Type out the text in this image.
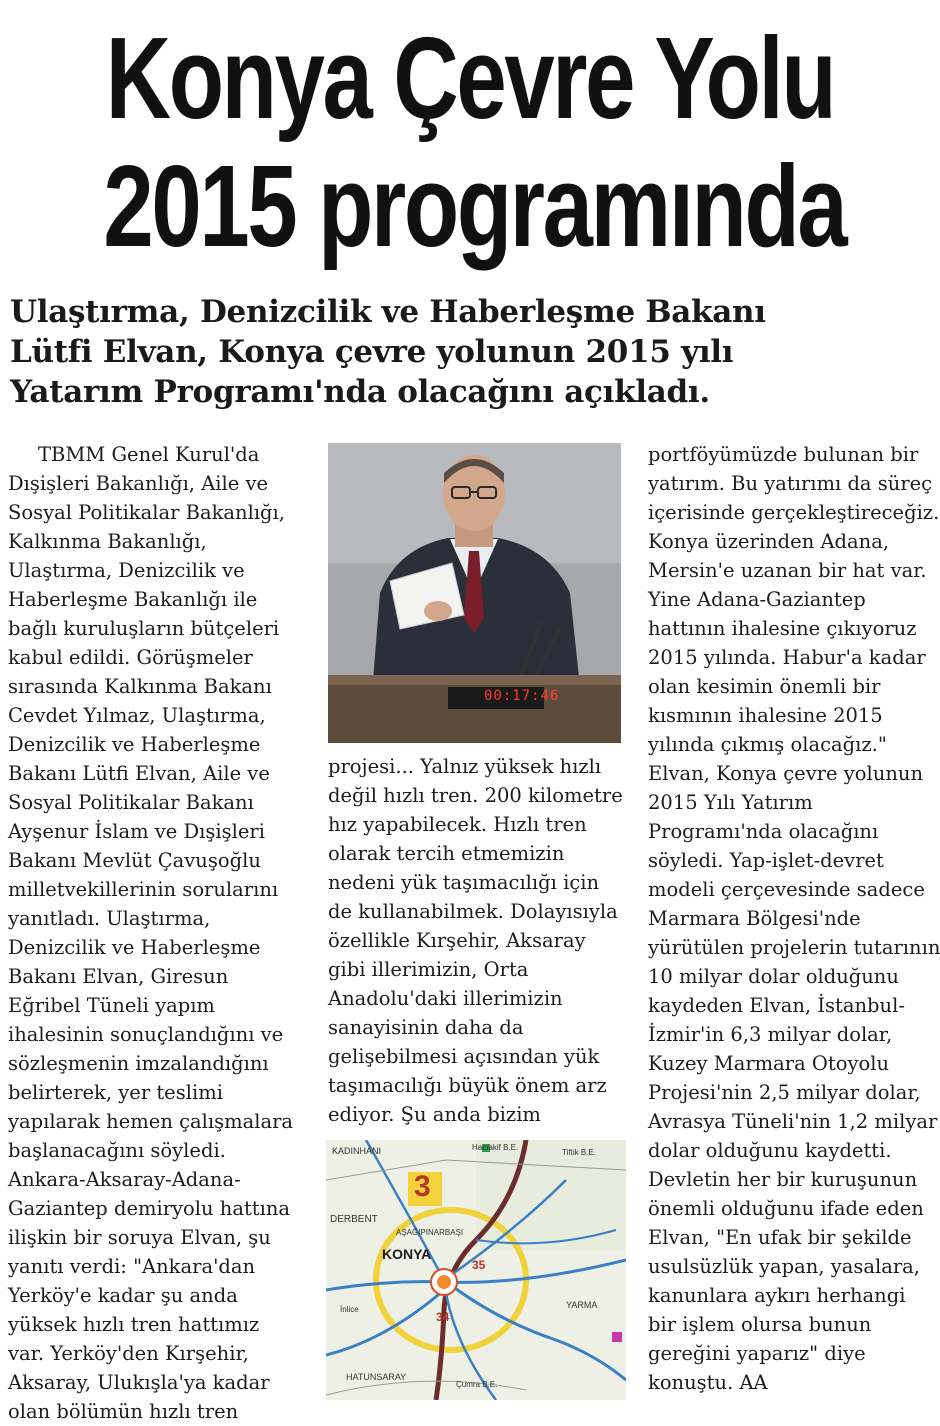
Konya Çevre Yolu
2015 programında

Ulaştırma, Denizcilik ve Haberleşme Bakanı
Lütfi Elvan, Konya çevre yolunun 2015 yılı
Yatarım Programı'nda olacağını açıkladı.

TBMM Genel Kurul'da
Dışişleri Bakanlığı, Aile ve
Sosyal Politikalar Bakanlığı,
Kalkınma Bakanlığı,
Ulaştırma, Denizcilik ve
Haberleşme Bakanlığı ile
bağlı kuruluşların bütçeleri
kabul edildi. Görüşmeler
sırasında Kalkınma Bakanı
Cevdet Yılmaz, Ulaştırma,
Denizcilik ve Haberleşme
Bakanı Lütfi Elvan, Aile ve
Sosyal Politikalar Bakanı
Ayşenur İslam ve Dışişleri
Bakanı Mevlüt Çavuşoğlu
milletvekillerinin sorularını
yanıtladı. Ulaştırma,
Denizcilik ve Haberleşme
Bakanı Elvan, Giresun
Eğribel Tüneli yapım
ihalesinin sonuçlandığını ve
sözleşmenin imzalandığını
belirterek, yer teslimi
yapılarak hemen çalışmalara
başlanacağını söyledi.
Ankara-Aksaray-Adana-
Gaziantep demiryolu hattına
ilişkin bir soruya Elvan, şu
yanıtı verdi: "Ankara'dan
Yerköy'e kadar şu anda
yüksek hızlı tren hattımız
var. Yerköy'den Kırşehir,
Aksaray, Ulukışla'ya kadar
olan bölümün hızlı tren
00:17:46
projesi... Yalnız yüksek hızlı
değil hızlı tren. 200 kilometre
hız yapabilecek. Hızlı tren
olarak tercih etmemizin
nedeni yük taşımacılığı için
de kullanabilmek. Dolayısıyla
özellikle Kırşehir, Aksaray
gibi illerimizin, Orta
Anadolu'daki illerimizin
sanayisinin daha da
gelişebilmesi açısından yük
taşımacılığı büyük önem arz
ediyor. Şu anda bizim
KADINHANI	Hacıakif B.E.
Tiftik B.E.
3
DERBENT
AŞAĞIPINARBAŞI
KONYA
35
34
İnlice	YARMA
HATUNSARAY
Çumra B.E.
portföyümüzde bulunan bir
yatırım. Bu yatırımı da süreç
içerisinde gerçekleştireceğiz.
Konya üzerinden Adana,
Mersin'e uzanan bir hat var.
Yine Adana-Gaziantep
hattının ihalesine çıkıyoruz
2015 yılında. Habur'a kadar
olan kesimin önemli bir
kısmının ihalesine 2015
yılında çıkmış olacağız."
Elvan, Konya çevre yolunun
2015 Yılı Yatırım
Programı'nda olacağını
söyledi. Yap-işlet-devret
modeli çerçevesinde sadece
Marmara Bölgesi'nde
yürütülen projelerin tutarının
10 milyar dolar olduğunu
kaydeden Elvan, İstanbul-
İzmir'in 6,3 milyar dolar,
Kuzey Marmara Otoyolu
Projesi'nin 2,5 milyar dolar,
Avrasya Tüneli'nin 1,2 milyar
dolar olduğunu kaydetti.
Devletin her bir kuruşunun
önemli olduğunu ifade eden
Elvan, "En ufak bir şekilde
usulsüzlük yapan, yasalara,
kanunlara aykırı herhangi
bir işlem olursa bunun
gereğini yaparız" diye
konuştu. AA
